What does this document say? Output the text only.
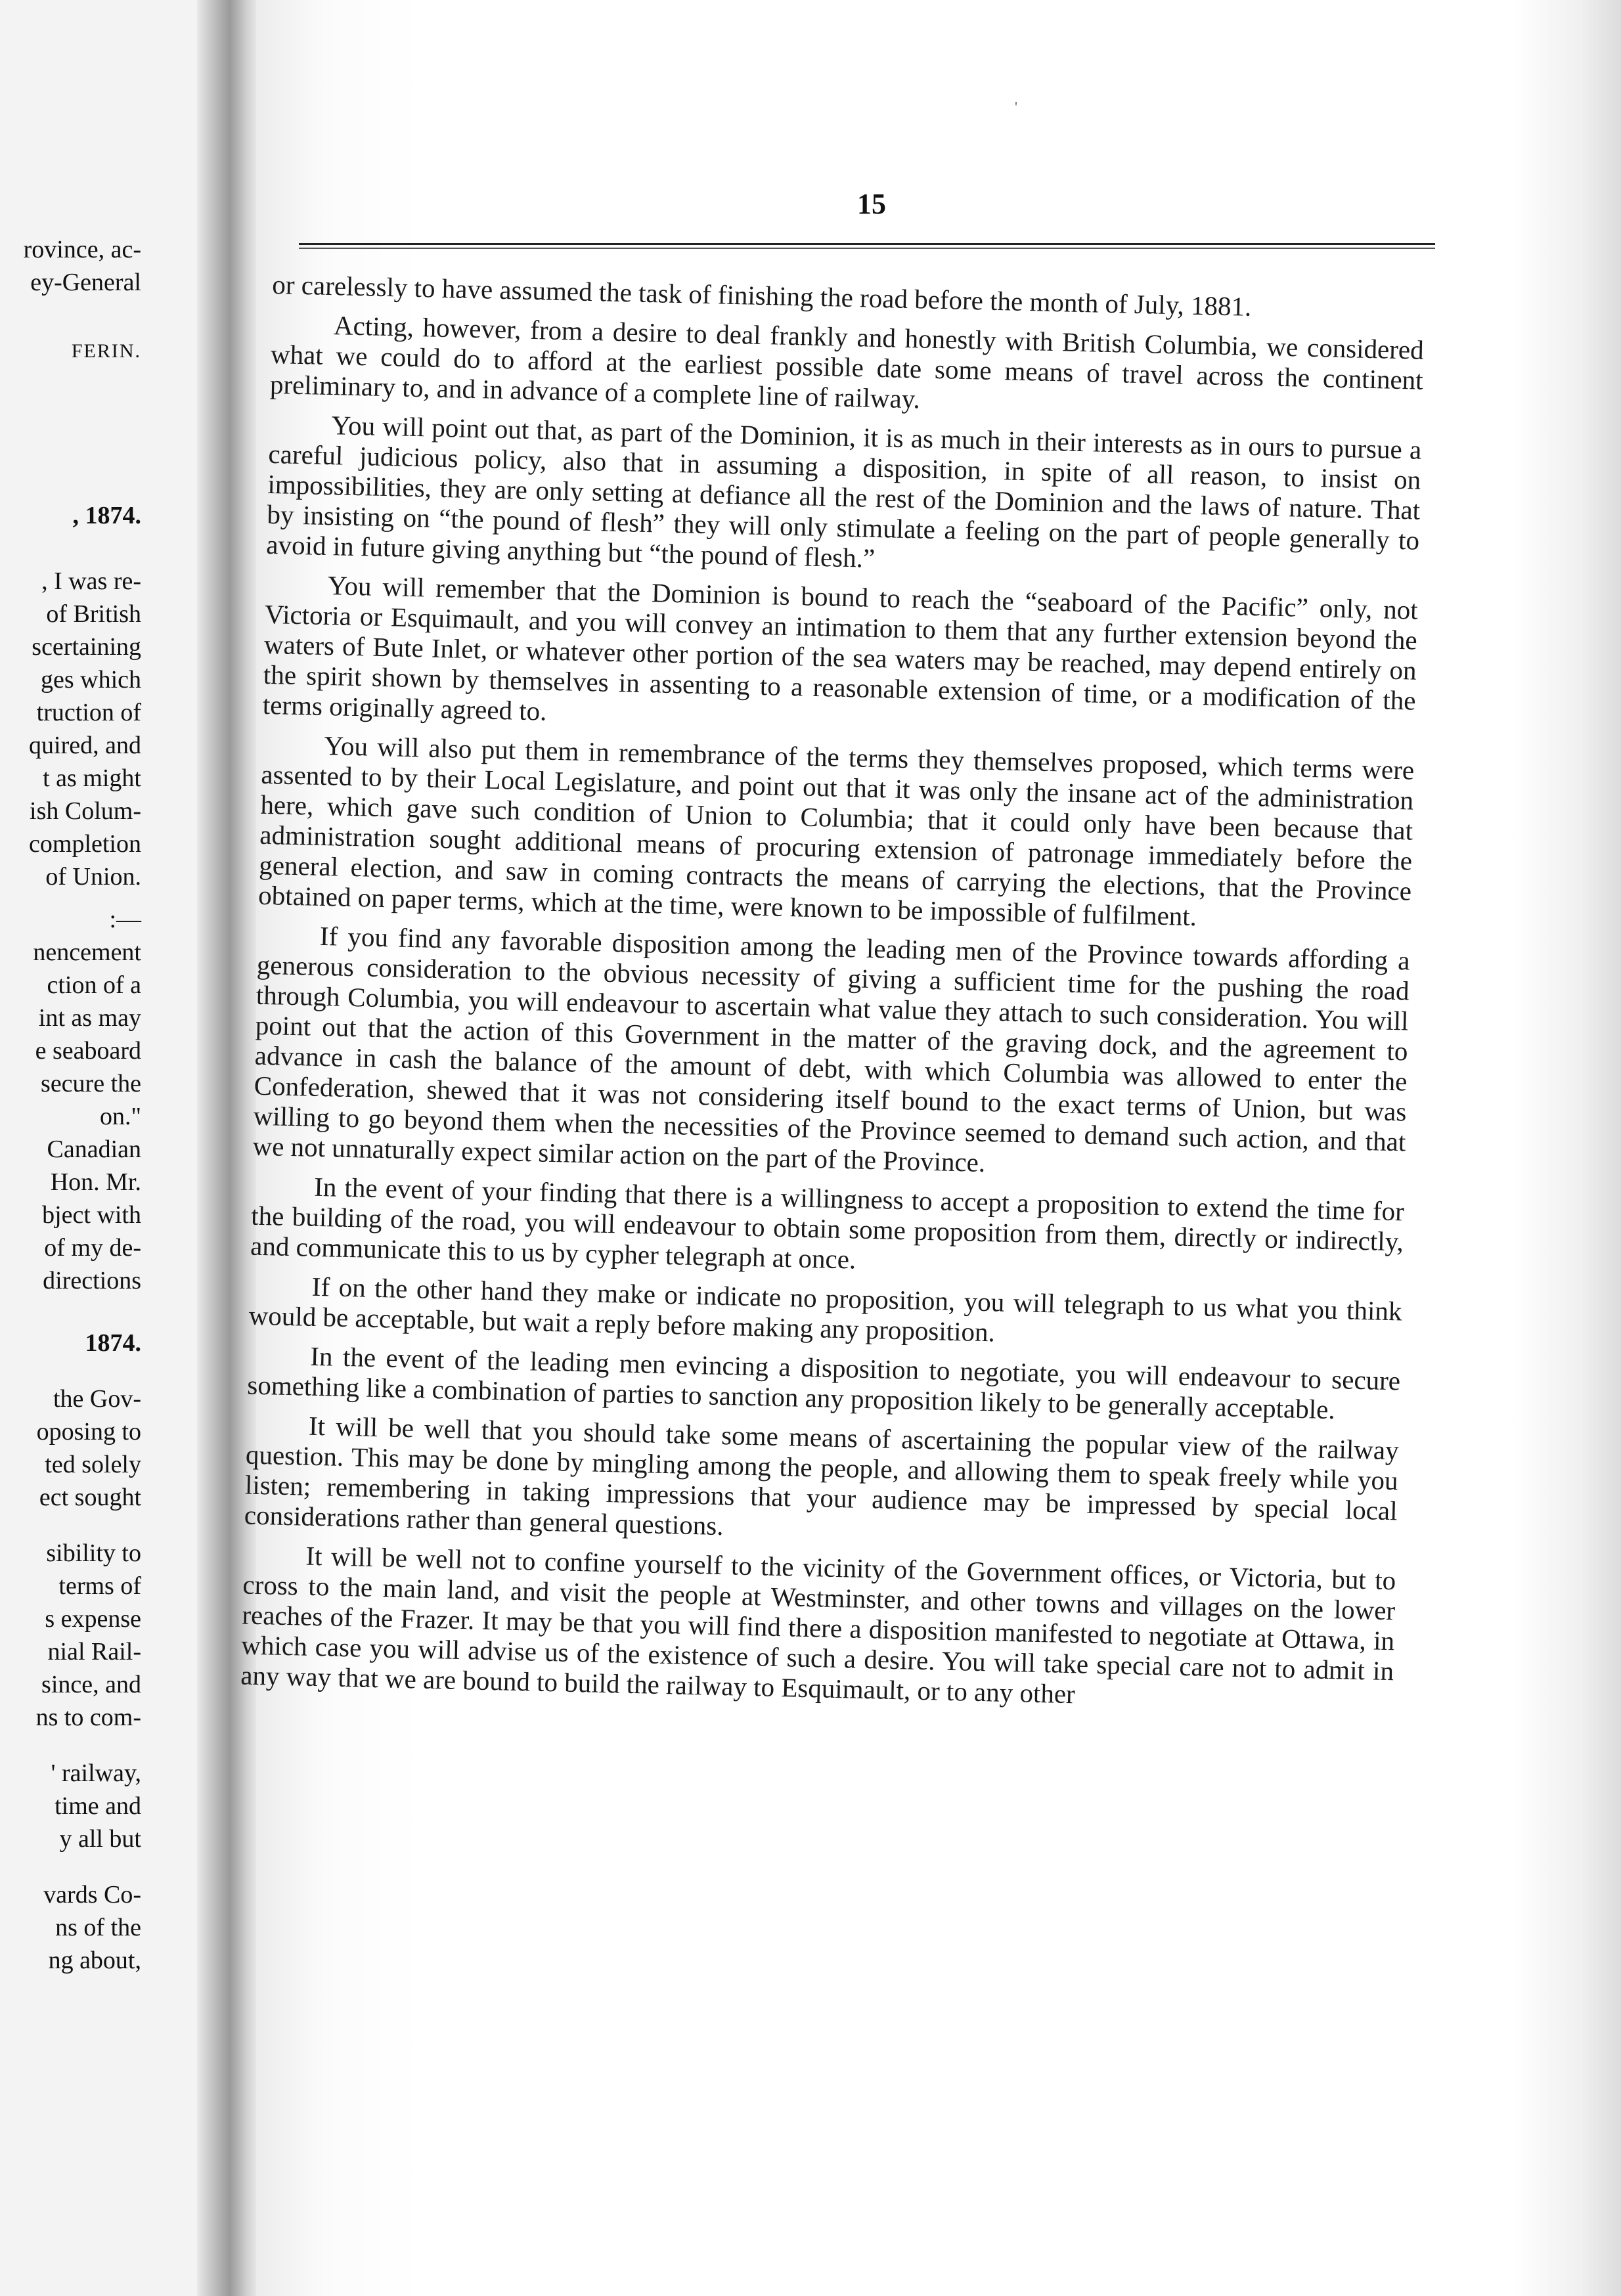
rovince, ac-
ey-General
FERIN.
, 1874.
, I was re-
of British
scertaining
ges which
truction of
quired, and
t as might
ish Colum-
completion
of Union.
:—
nencement
ction of a
int as may
e seaboard
secure the
on."
Canadian
Hon. Mr.
bject with
of my de-
directions
1874.
the Gov-
oposing to
ted solely
ect sought
sibility to
terms of
s expense
nial Rail-
since, and
ns to com-
' railway,
time and
y all but
vards Co-
ns of the
ng about,
'
15

or carelessly to have assumed the task of finishing the road before the month of July, 1881.

Acting, however, from a desire to deal frankly and honestly with British Columbia, we considered what we could do to afford at the earliest possible date some means of travel across the continent preliminary to, and in advance of a complete line of railway.

You will point out that, as part of the Dominion, it is as much in their interests as in ours to pursue a careful judicious policy, also that in assuming a disposition, in spite of all reason, to insist on impossibilities, they are only setting at defiance all the rest of the Dominion and the laws of nature. That by insisting on “the pound of flesh” they will only stimulate a feeling on the part of people generally to avoid in future giving anything but “the pound of flesh.”

You will remember that the Dominion is bound to reach the “seaboard of the Pacific” only, not Victoria or Esquimault, and you will convey an intimation to them that any further extension beyond the waters of Bute Inlet, or whatever other portion of the sea waters may be reached, may depend entirely on the spirit shown by themselves in assenting to a reasonable extension of time, or a modification of the terms originally agreed to.

You will also put them in remembrance of the terms they themselves proposed, which terms were assented to by their Local Legislature, and point out that it was only the insane act of the administration here, which gave such condition of Union to Columbia; that it could only have been because that administration sought additional means of procuring extension of patronage immediately before the general election, and saw in coming contracts the means of carrying the elections, that the Province obtained on paper terms, which at the time, were known to be impossible of fulfilment.

If you find any favorable disposition among the leading men of the Province towards affording a generous consideration to the obvious necessity of giving a sufficient time for the pushing the road through Columbia, you will endeavour to ascertain what value they attach to such consideration. You will point out that the action of this Government in the matter of the graving dock, and the agreement to advance in cash the balance of the amount of debt, with which Columbia was allowed to enter the Confederation, shewed that it was not considering itself bound to the exact terms of Union, but was willing to go beyond them when the necessities of the Province seemed to demand such action, and that we not unnaturally expect similar action on the part of the Province.

In the event of your finding that there is a willingness to accept a proposition to extend the time for the building of the road, you will endeavour to obtain some proposition from them, directly or indirectly, and communicate this to us by cypher telegraph at once.

If on the other hand they make or indicate no proposition, you will telegraph to us what you think would be acceptable, but wait a reply before making any proposition.

In the event of the leading men evincing a disposition to negotiate, you will endeavour to secure something like a combination of parties to sanction any proposition likely to be generally acceptable.

It will be well that you should take some means of ascertaining the popular view of the railway question. This may be done by mingling among the people, and allowing them to speak freely while you listen; remembering in taking impressions that your audience may be impressed by special local considerations rather than general questions.

It will be well not to confine yourself to the vicinity of the Government offices, or Victoria, but to cross to the main land, and visit the people at Westminster, and other towns and villages on the lower reaches of the Frazer. It may be that you will find there a disposition manifested to negotiate at Ottawa, in which case you will advise us of the existence of such a desire. You will take special care not to admit in any way that we are bound to build the railway to Esquimault, or to any other
